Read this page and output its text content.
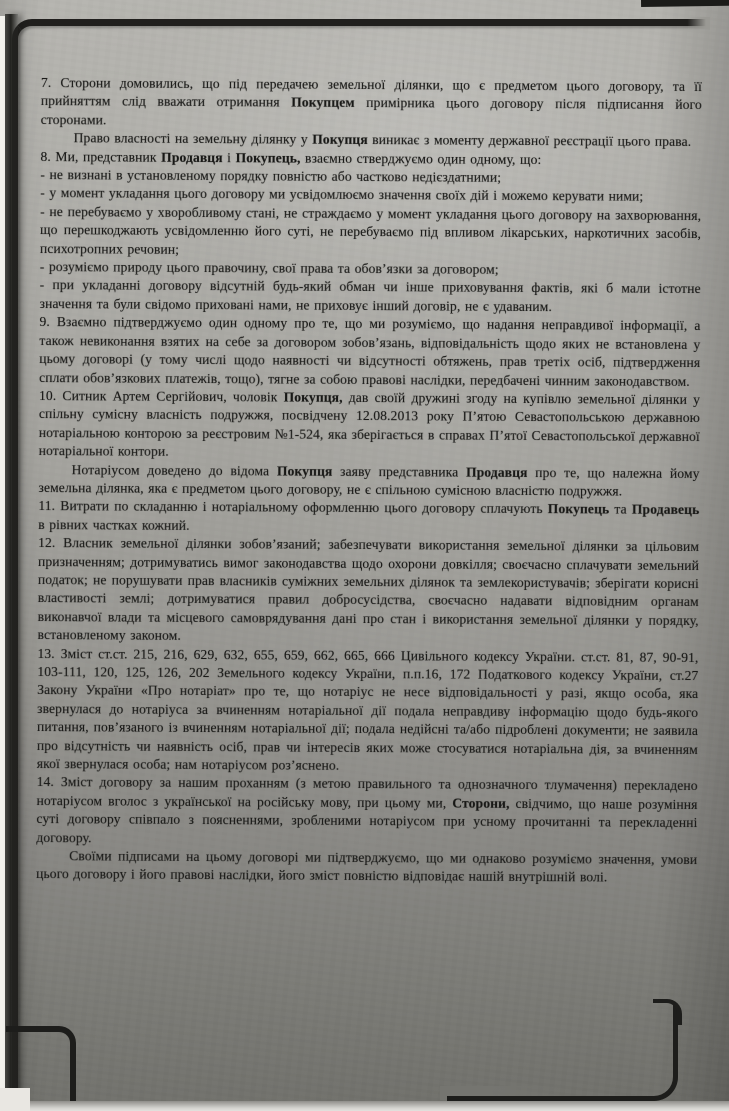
7. Сторони домовились, що під передачею земельної ділянки, що є предметом цього договору, та її прийняттям слід вважати отримання Покупцем примірника цього договору після підписання його сторонами.

Право власності на земельну ділянку у Покупця виникає з моменту державної реєстрації цього права.

8. Ми, представник Продавця і Покупець, взаємно стверджуємо один одному, що:

- не визнані в установленому порядку повністю або частково недієздатними;

- у момент укладання цього договору ми усвідомлюємо значення своїх дій і можемо керувати ними;

- не перебуваємо у хворобливому стані, не страждаємо у момент укладання цього договору на захворювання, що перешкоджають усвідомленню його суті, не перебуваємо під впливом лікарських, наркотичних засобів, психотропних речовин;

- розуміємо природу цього правочину, свої права та обов’язки за договором;

- при укладанні договору відсутній будь-який обман чи інше приховування фактів, які б мали істотне значення та були свідомо приховані нами, не приховує інший договір, не є удаваним.

9. Взаємно підтверджуємо один одному про те, що ми розуміємо, що надання неправдивої інформації, а також невиконання взятих на себе за договором зобов’язань, відповідальність щодо яких не встановлена у цьому договорі (у тому числі щодо наявності чи відсутності обтяжень, прав третіх осіб, підтвердження сплати обов’язкових платежів, тощо), тягне за собою правові наслідки, передбачені чинним законодавством.

10. Ситник Артем Сергійович, чоловік Покупця, дав своїй дружині згоду на купівлю земельної ділянки у спільну сумісну власність подружжя, посвідчену 12.08.2013 року П’ятою Севастопольською державною нотаріальною конторою за реєстровим №1-524, яка зберігається в справах П’ятої Севастопольської державної нотаріальної контори.

Нотаріусом доведено до відома Покупця заяву представника Продавця про те, що належна йому земельна ділянка, яка є предметом цього договору, не є спільною сумісною власністю подружжя.

11. Витрати по складанню і нотаріальному оформленню цього договору сплачують Покупець та Продавець в рівних частках кожний.

12. Власник земельної ділянки зобов’язаний; забезпечувати використання земельної ділянки за цільовим призначенням; дотримуватись вимог законодавства щодо охорони довкілля; своєчасно сплачувати земельний податок; не порушувати прав власників суміжних земельних ділянок та землекористувачів; зберігати корисні властивості землі; дотримуватися правил добросусідства, своєчасно надавати відповідним органам виконавчої влади та місцевого самоврядування дані про стан і використання земельної ділянки у порядку, встановленому законом.

13. Зміст ст.ст. 215, 216, 629, 632, 655, 659, 662, 665, 666 Цивільного кодексу України. ст.ст. 81, 87, 90-91, 103-111, 120, 125, 126, 202 Земельного кодексу України, п.п.16, 172 Податкового кодексу України, ст.27 Закону України «Про нотаріат» про те, що нотаріус не несе відповідальності у разі, якщо особа, яка звернулася до нотаріуса за вчиненням нотаріальної дії подала неправдиву інформацію щодо будь-якого питання, пов’язаного із вчиненням нотаріальної дії; подала недійсні та/або підроблені документи; не заявила про відсутність чи наявність осіб, прав чи інтересів яких може стосуватися нотаріальна дія, за вчиненням якої звернулася особа; нам нотаріусом роз’яснено.

14. Зміст договору за нашим проханням (з метою правильного та однозначного тлумачення) перекладено нотаріусом вголос з української на російську мову, при цьому ми, Сторони, свідчимо, що наше розуміння суті договору співпало з поясненнями, зробленими нотаріусом при усному прочитанні та перекладенні договору.

Своїми підписами на цьому договорі ми підтверджуємо, що ми однаково розуміємо значення, умови цього договору і його правові наслідки, його зміст повністю відповідає нашій внутрішній волі.
